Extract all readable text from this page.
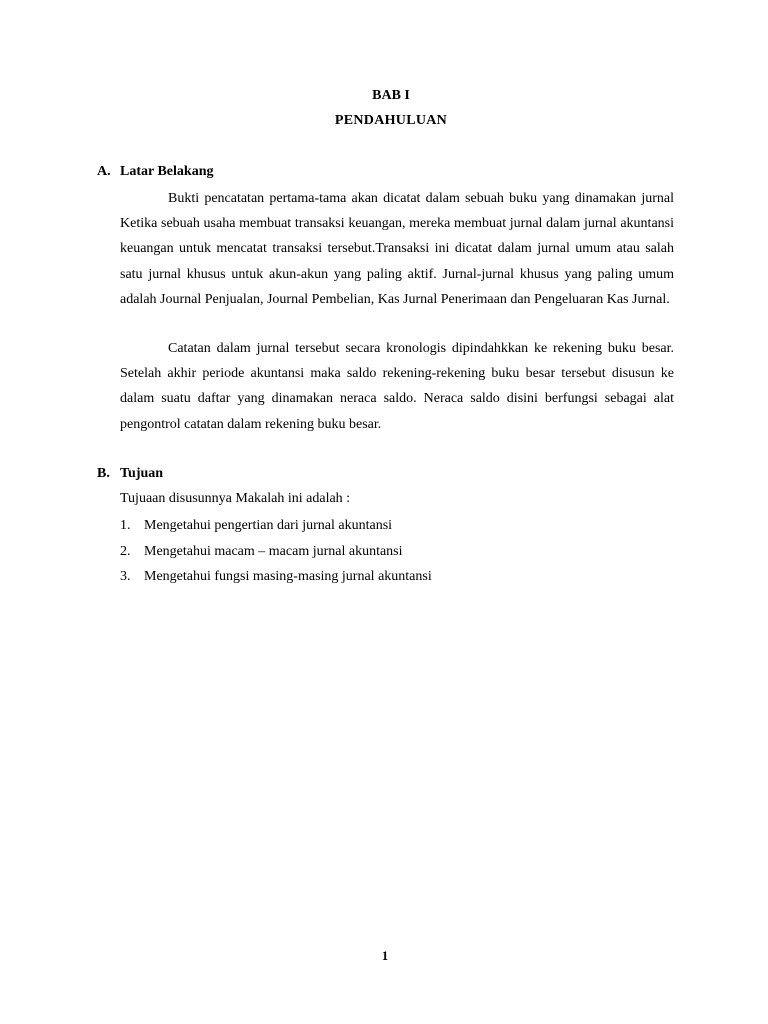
BAB I
PENDAHULUAN
A. Latar Belakang

Bukti pencatatan pertama-tama akan dicatat dalam sebuah buku yang dinamakan jurnal Ketika sebuah usaha membuat transaksi keuangan, mereka membuat jurnal dalam jurnal akuntansi keuangan untuk mencatat transaksi tersebut.Transaksi ini dicatat dalam jurnal umum atau salah satu jurnal khusus untuk akun-akun yang paling aktif. Jurnal-jurnal khusus yang paling umum adalah Journal Penjualan, Journal Pembelian, Kas Jurnal Penerimaan dan Pengeluaran Kas Jurnal.

Catatan dalam jurnal tersebut secara kronologis dipindahkkan ke rekening buku besar. Setelah akhir periode akuntansi maka saldo rekening-rekening buku besar tersebut disusun ke dalam suatu daftar yang dinamakan neraca saldo. Neraca saldo disini berfungsi sebagai alat pengontrol catatan dalam rekening buku besar.

B. Tujuan
Tujuaan disusunnya Makalah ini adalah :
1. Mengetahui pengertian dari jurnal akuntansi
2. Mengetahui macam – macam jurnal akuntansi
3. Mengetahui fungsi masing-masing jurnal akuntansi
1
